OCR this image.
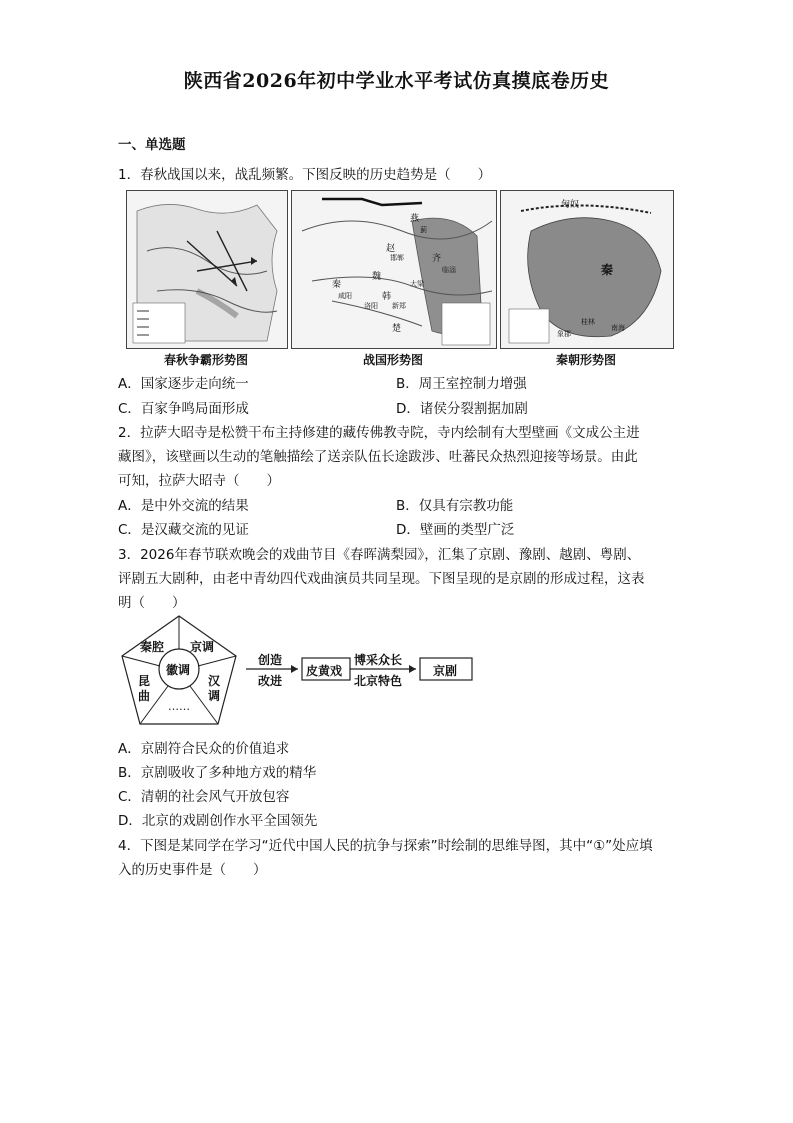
陕西省2026年初中学业水平考试仿真摸底卷历史
一、单选题
1．春秋战国以来，战乱频繁。下图反映的历史趋势是（　　）
春秋争霸形势图
燕
赵
魏
韩
秦
楚
齐
蓟
邯郸
大梁
新郑
咸阳
洛阳
临淄
战国形势图
匈奴
秦
桂林
南海
象郡
秦朝形势图
A．国家逐步走向统一	B．周王室控制力增强
C．百家争鸣局面形成	D．诸侯分裂割据加剧
2．拉萨大昭寺是松赞干布主持修建的藏传佛教寺院，寺内绘制有大型壁画《文成公主进
藏图》，该壁画以生动的笔触描绘了送亲队伍长途跋涉、吐蕃民众热烈迎接等场景。由此
可知，拉萨大昭寺（　　）
A．是中外交流的结果	B．仅具有宗教功能
C．是汉藏交流的见证	D．壁画的类型广泛
3．2026年春节联欢晚会的戏曲节目《春晖满梨园》，汇集了京剧、豫剧、越剧、粤剧、
评剧五大剧种，由老中青幼四代戏曲演员共同呈现。下图呈现的是京剧的形成过程，这表
明（　　）
徽调
秦腔 京调
汉调
……
昆曲
创造
改进
皮黄戏
博采众长
北京特色
京剧
A．京剧符合民众的价值追求
B．京剧吸收了多种地方戏的精华
C．清朝的社会风气开放包容
D．北京的戏剧创作水平全国领先
4．下图是某同学在学习“近代中国人民的抗争与探索”时绘制的思维导图，其中“①”处应填
入的历史事件是（　　）
